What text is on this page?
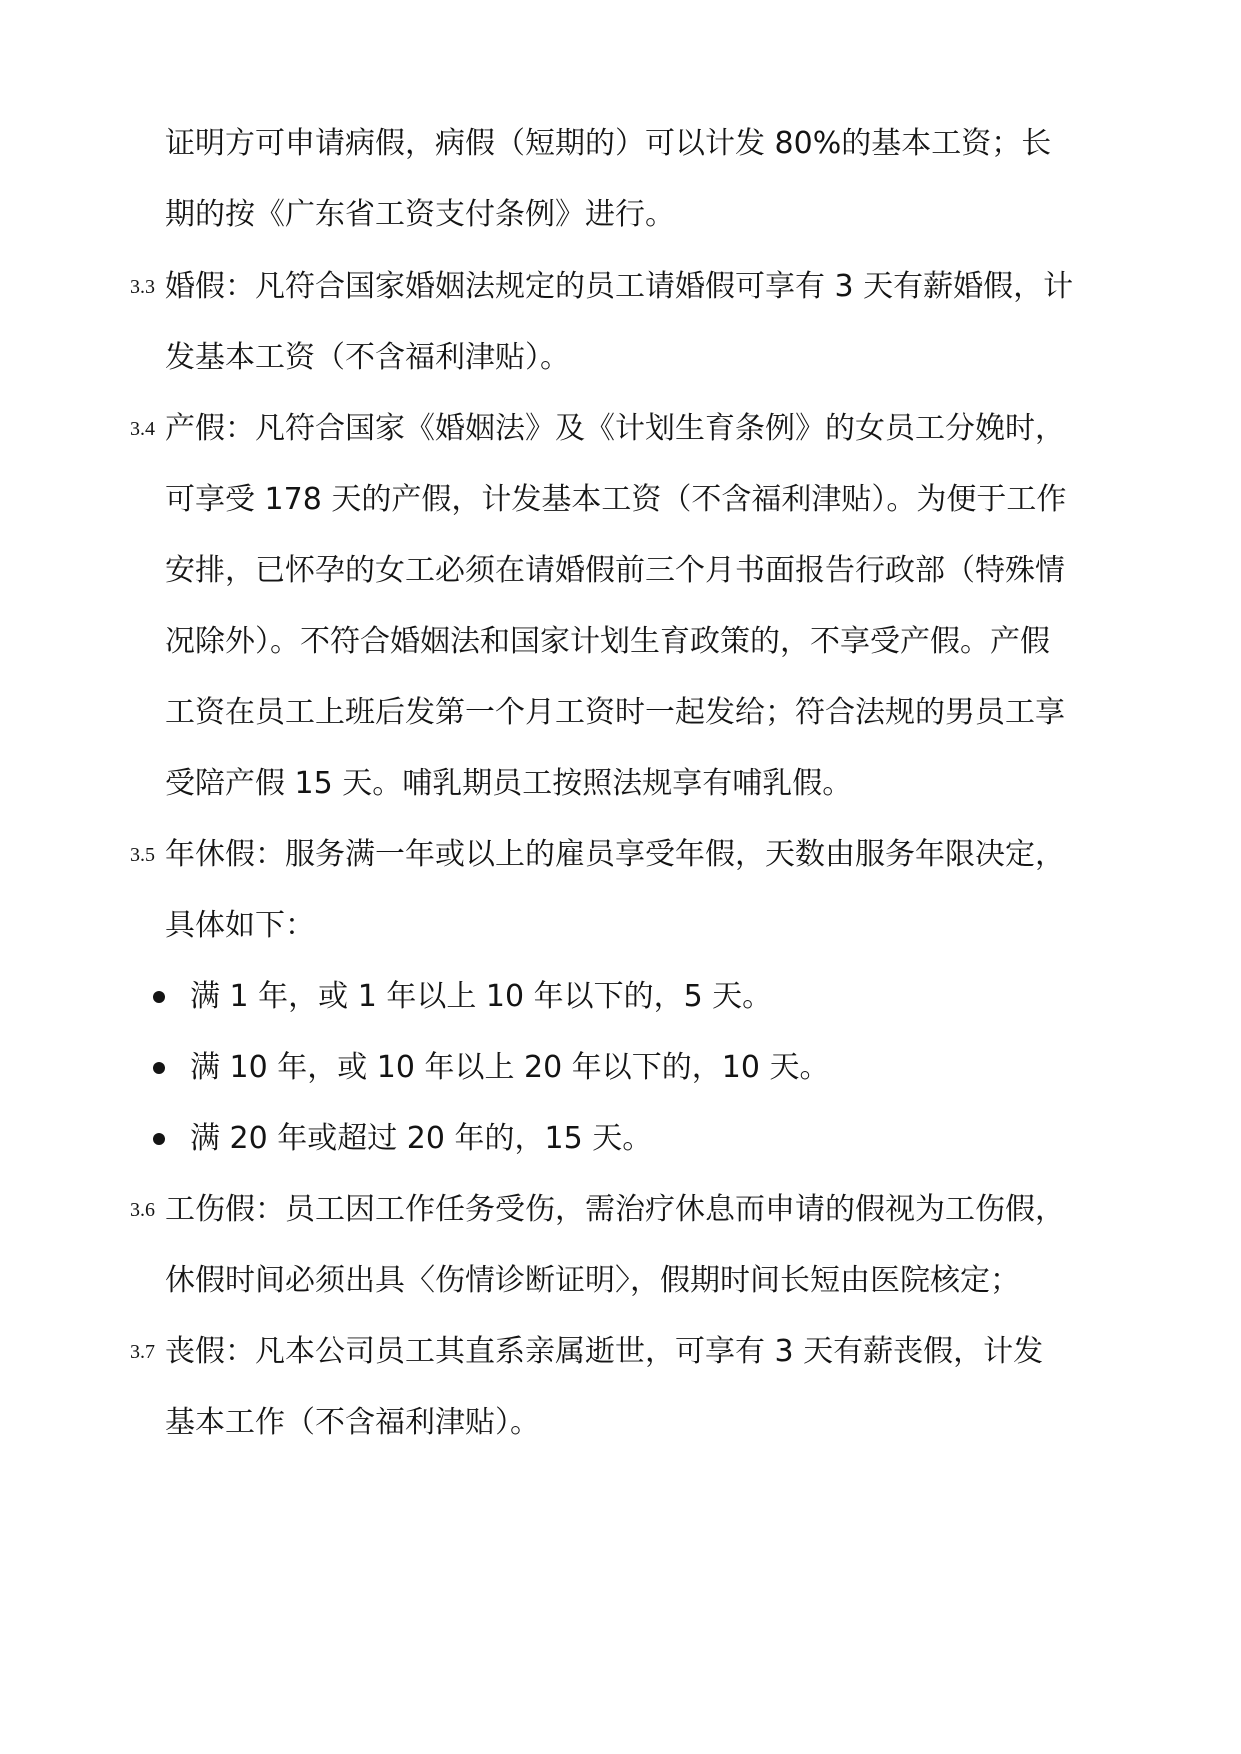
证明方可申请病假，病假（短期的）可以计发 80%的基本工资；长
期的按《广东省工资支付条例》进行。
3.3 婚假：凡符合国家婚姻法规定的员工请婚假可享有 3 天有薪婚假，计
发基本工资（不含福利津贴）。
3.4 产假：凡符合国家《婚姻法》及《计划生育条例》的女员工分娩时，
可享受 178 天的产假，计发基本工资（不含福利津贴）。为便于工作
安排，已怀孕的女工必须在请婚假前三个月书面报告行政部（特殊情
况除外）。不符合婚姻法和国家计划生育政策的，不享受产假。产假
工资在员工上班后发第一个月工资时一起发给；符合法规的男员工享
受陪产假 15 天。哺乳期员工按照法规享有哺乳假。
3.5 年休假：服务满一年或以上的雇员享受年假，天数由服务年限决定，
具体如下：
满 1 年，或 1 年以上 10 年以下的，5 天。
满 10 年，或 10 年以上 20 年以下的，10 天。
满 20 年或超过 20 年的，15 天。
3.6 工伤假：员工因工作任务受伤，需治疗休息而申请的假视为工伤假，
休假时间必须出具〈伤情诊断证明〉，假期时间长短由医院核定；
3.7 丧假：凡本公司员工其直系亲属逝世，可享有 3 天有薪丧假，计发
基本工作（不含福利津贴）。
